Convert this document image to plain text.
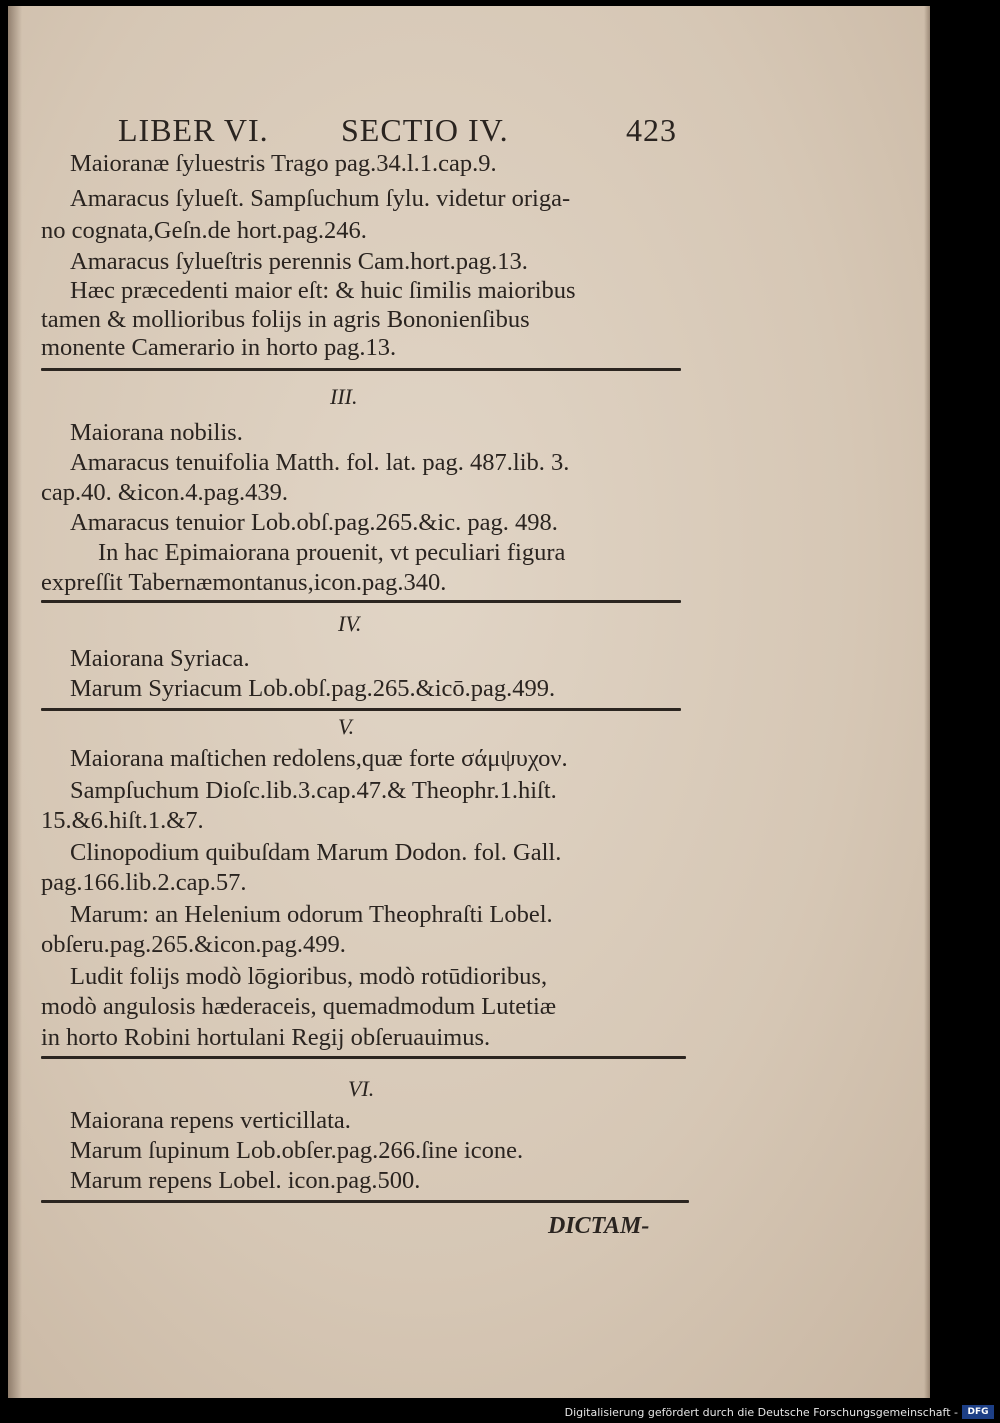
LIBER VI. SECTIO IV.	423
Maioranæ ſyluestris Trago pag.34.l.1.cap.9.
Amaracus ſylueſt. Sampſuchum ſylu. videtur origa-
no cognata,Geſn.de hort.pag.246.
Amaracus ſylueſtris perennis Cam.hort.pag.13.
Hæc præcedenti maior eſt: & huic ſimilis maioribus
tamen & mollioribus folijs in agris Bononienſibus
monente Camerario in horto pag.13.
III.
Maiorana nobilis.
Amaracus tenuifolia Matth. fol. lat. pag. 487.lib. 3.
cap.40. &icon.4.pag.439.
Amaracus tenuior Lob.obſ.pag.265.&ic. pag. 498.
In hac Epimaiorana prouenit, vt peculiari figura
expreſſit Tabernæmontanus,icon.pag.340.
IV.
Maiorana Syriaca.
Marum Syriacum Lob.obſ.pag.265.&icō.pag.499.
V.
Maiorana maſtichen redolens,quæ forte σάμψυχον.
Sampſuchum Dioſc.lib.3.cap.47.& Theophr.1.hiſt.
15.&6.hiſt.1.&7.
Clinopodium quibuſdam Marum Dodon. fol. Gall.
pag.166.lib.2.cap.57.
Marum: an Helenium odorum Theophraſti Lobel.
obſeru.pag.265.&icon.pag.499.
Ludit folijs modò lōgioribus, modò rotūdioribus,
modò angulosis hæderaceis, quemadmodum Lutetiæ
in horto Robini hortulani Regij obſeruauimus.
VI.
Maiorana repens verticillata.
Marum ſupinum Lob.obſer.pag.266.ſine icone.
Marum repens Lobel. icon.pag.500.
DICTAM-
Digitalisierung gefördert durch die Deutsche Forschungsgemeinschaft -	DFG
